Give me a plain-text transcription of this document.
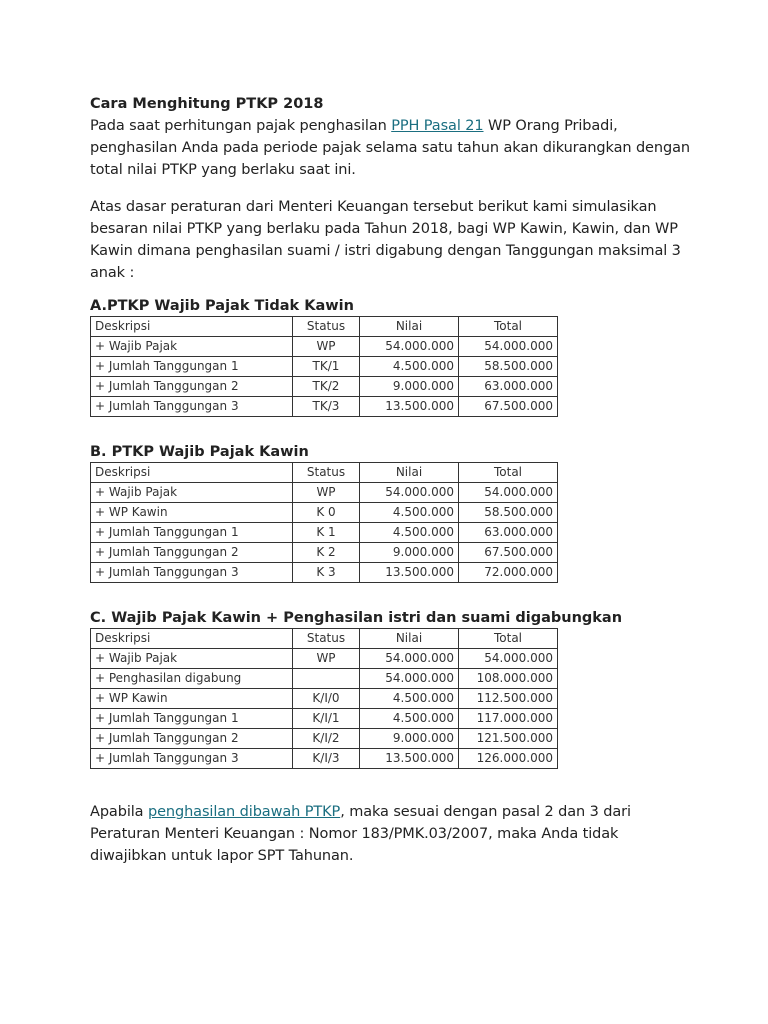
Cara Menghitung PTKP 2018

Pada saat perhitungan pajak penghasilan PPH Pasal 21 WP Orang Pribadi, penghasilan Anda pada periode pajak selama satu tahun akan dikurangkan dengan total nilai PTKP yang berlaku saat ini.

Atas dasar peraturan dari Menteri Keuangan tersebut berikut kami simulasikan besaran nilai PTKP yang berlaku pada Tahun 2018, bagi WP Kawin, Kawin, dan WP Kawin dimana penghasilan suami / istri digabung dengan Tanggungan maksimal 3 anak :

A.PTKP Wajib Pajak Tidak Kawin

Deskripsi	Status	Nilai	Total
+ Wajib Pajak	WP	54.000.000	54.000.000
+ Jumlah Tanggungan 1	TK/1	4.500.000	58.500.000
+ Jumlah Tanggungan 2	TK/2	9.000.000	63.000.000
+ Jumlah Tanggungan 3	TK/3	13.500.000	67.500.000

B. PTKP Wajib Pajak Kawin

Deskripsi	Status	Nilai	Total
+ Wajib Pajak	WP	54.000.000	54.000.000
+ WP Kawin	K 0	4.500.000	58.500.000
+ Jumlah Tanggungan 1	K 1	4.500.000	63.000.000
+ Jumlah Tanggungan 2	K 2	9.000.000	67.500.000
+ Jumlah Tanggungan 3	K 3	13.500.000	72.000.000

C. Wajib Pajak Kawin + Penghasilan istri dan suami digabungkan

Deskripsi	Status	Nilai	Total
+ Wajib Pajak	WP	54.000.000	54.000.000
+ Penghasilan digabung		54.000.000	108.000.000
+ WP Kawin	K/I/0	4.500.000	112.500.000
+ Jumlah Tanggungan 1	K/I/1	4.500.000	117.000.000
+ Jumlah Tanggungan 2	K/I/2	9.000.000	121.500.000
+ Jumlah Tanggungan 3	K/I/3	13.500.000	126.000.000

Apabila penghasilan dibawah PTKP, maka sesuai dengan pasal 2 dan 3 dari Peraturan Menteri Keuangan : Nomor 183/PMK.03/2007, maka Anda tidak diwajibkan untuk lapor SPT Tahunan.
